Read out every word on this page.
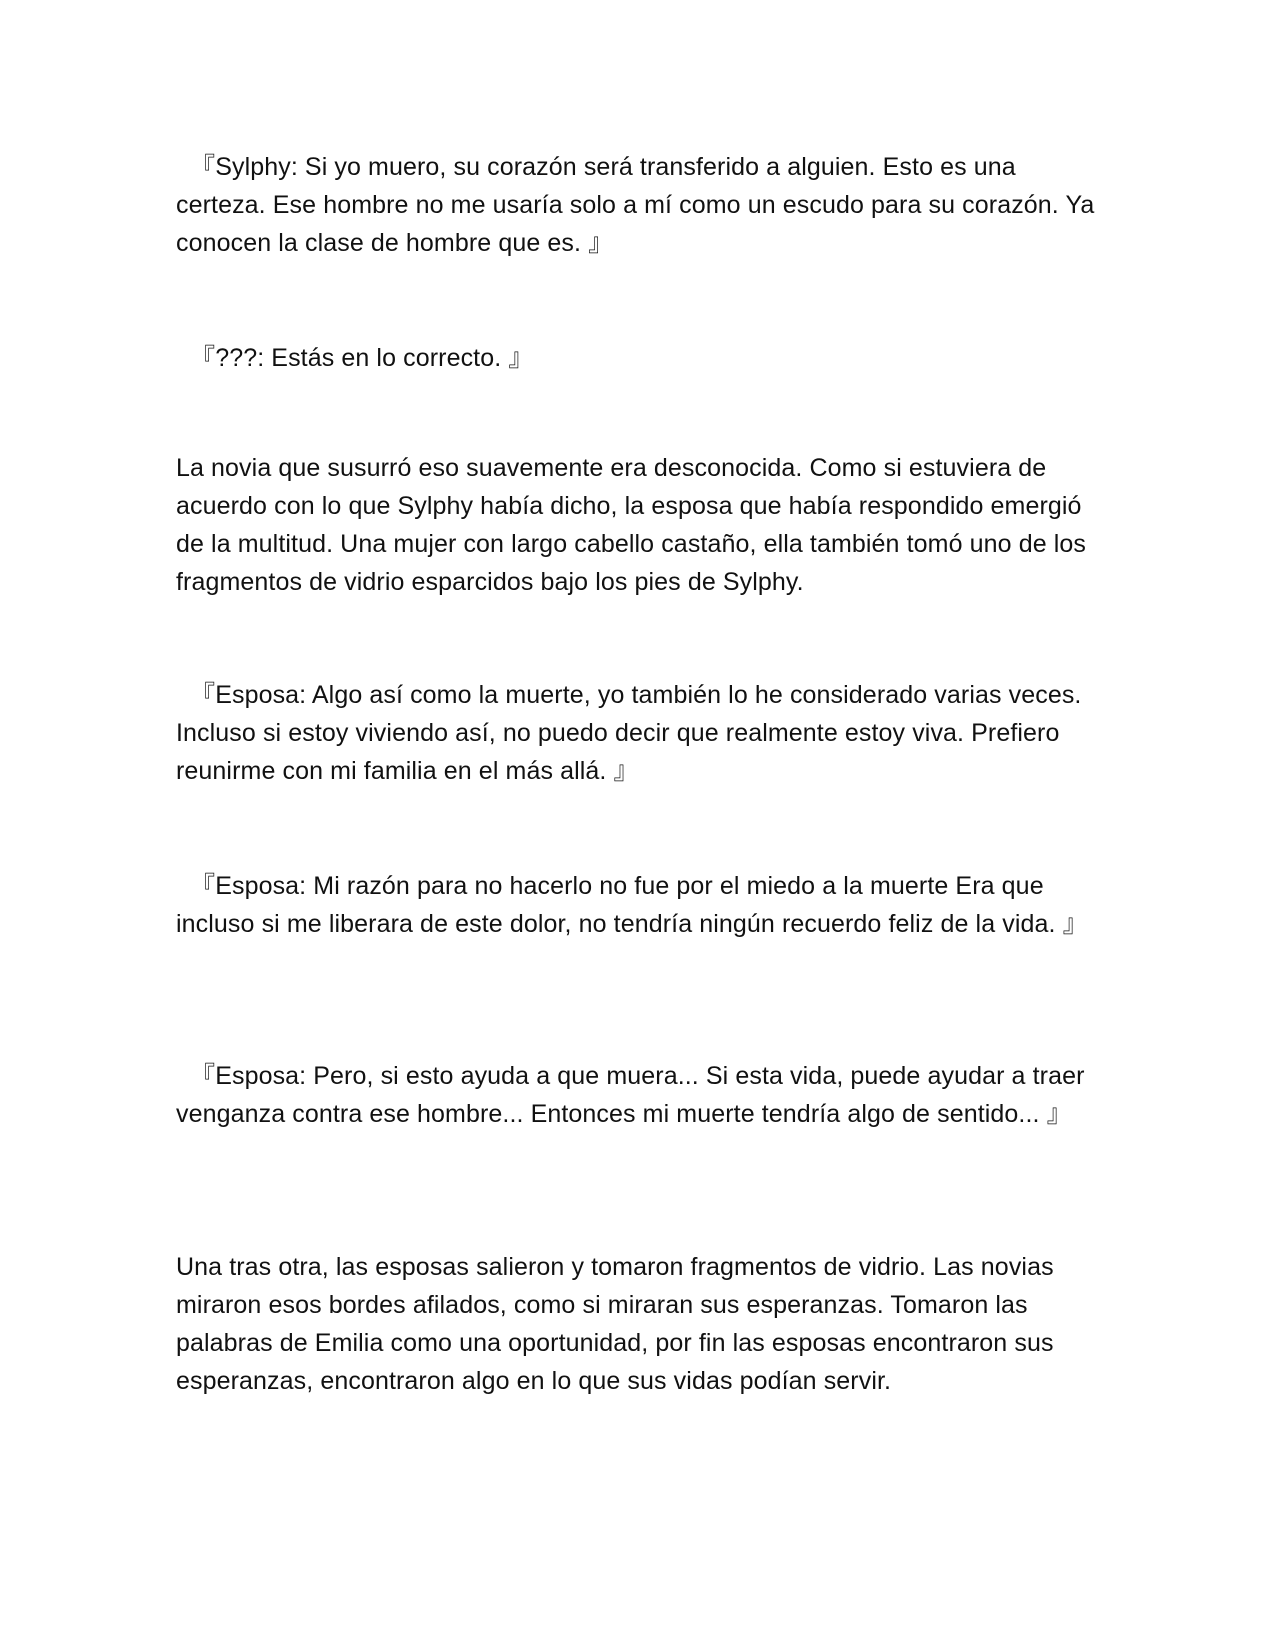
『Sylphy: Si yo muero, su corazón será transferido a alguien. Esto es una certeza. Ese hombre no me usaría solo a mí como un escudo para su corazón. Ya conocen la clase de hombre que es. 』

『???: Estás en lo correcto. 』

La novia que susurró eso suavemente era desconocida. Como si estuviera de acuerdo con lo que Sylphy había dicho, la esposa que había respondido emergió de la multitud. Una mujer con largo cabello castaño, ella también tomó uno de los fragmentos de vidrio esparcidos bajo los pies de Sylphy.

『Esposa: Algo así como la muerte, yo también lo he considerado varias veces. Incluso si estoy viviendo así, no puedo decir que realmente estoy viva. Prefiero reunirme con mi familia en el más allá. 』

『Esposa: Mi razón para no hacerlo no fue por el miedo a la muerte Era que incluso si me liberara de este dolor, no tendría ningún recuerdo feliz de la vida. 』

『Esposa: Pero, si esto ayuda a que muera... Si esta vida, puede ayudar a traer venganza contra ese hombre... Entonces mi muerte tendría algo de sentido... 』

Una tras otra, las esposas salieron y tomaron fragmentos de vidrio. Las novias miraron esos bordes afilados, como si miraran sus esperanzas. Tomaron las palabras de Emilia como una oportunidad, por fin las esposas encontraron sus esperanzas, encontraron algo en lo que sus vidas podían servir.
